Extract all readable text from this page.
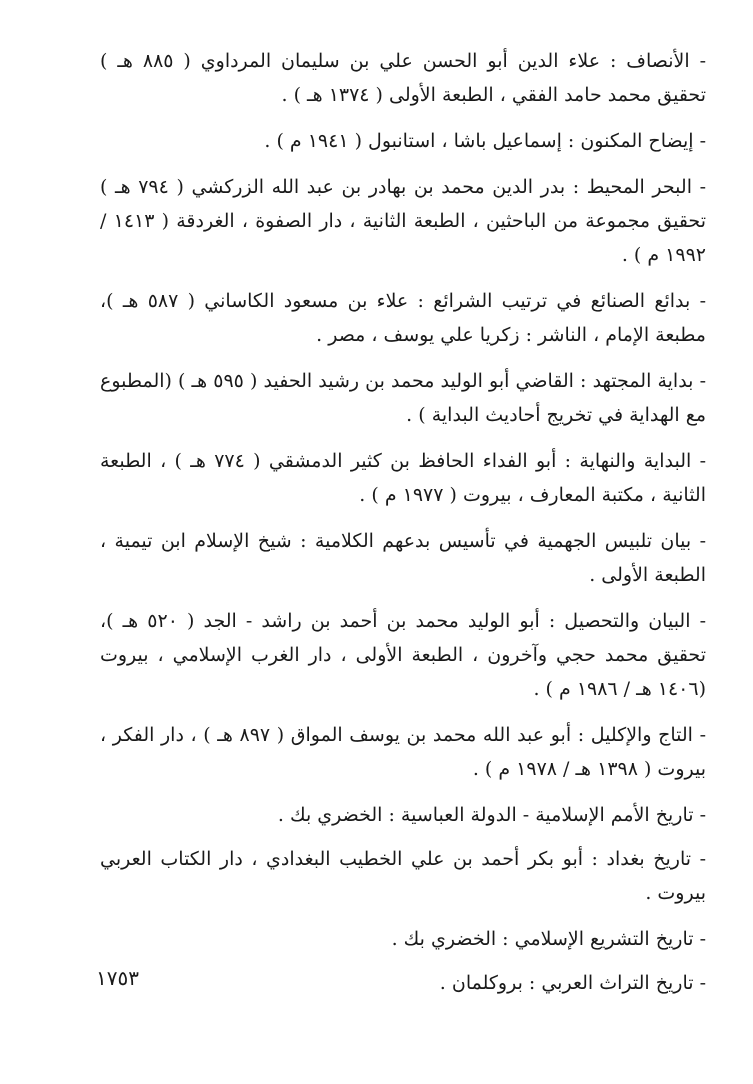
- الأنصاف : علاء الدين أبو الحسن علي بن سليمان المرداوي ( ٨٨٥ هـ ) تحقيق محمد حامد الفقي ، الطبعة الأولى ( ١٣٧٤ هـ ) .

- إيضاح المكنون : إسماعيل باشا ، استانبول ( ١٩٤١ م ) .

- البحر المحيط : بدر الدين محمد بن بهادر بن عبد الله الزركشي ( ٧٩٤ هـ ) تحقيق مجموعة من الباحثين ، الطبعة الثانية ، دار الصفوة ، الغردقة ( ١٤١٣ / ١٩٩٢ م ) .

- بدائع الصنائع في ترتيب الشرائع : علاء بن مسعود الكاساني ( ٥٨٧ هـ )، مطبعة الإمام ، الناشر : زكريا علي يوسف ، مصر .

- بداية المجتهد : القاضي أبو الوليد محمد بن رشيد الحفيد ( ٥٩٥ هـ ) (المطبوع مع الهداية في تخريج أحاديث البداية ) .

- البداية والنهاية : أبو الفداء الحافظ بن كثير الدمشقي ( ٧٧٤ هـ ) ، الطبعة الثانية ، مكتبة المعارف ، بيروت ( ١٩٧٧ م ) .

- بيان تلبيس الجهمية في تأسيس بدعهم الكلامية : شيخ الإسلام ابن تيمية ، الطبعة الأولى .

- البيان والتحصيل : أبو الوليد محمد بن أحمد بن راشد - الجد ( ٥٢٠ هـ )، تحقيق محمد حجي وآخرون ، الطبعة الأولى ، دار الغرب الإسلامي ، بيروت (١٤٠٦ هـ / ١٩٨٦ م ) .

- التاج والإكليل : أبو عبد الله محمد بن يوسف المواق ( ٨٩٧ هـ ) ، دار الفكر ، بيروت ( ١٣٩٨ هـ / ١٩٧٨ م ) .

- تاريخ الأمم الإسلامية - الدولة العباسية : الخضري بك .

- تاريخ بغداد : أبو بكر أحمد بن علي الخطيب البغدادي ، دار الكتاب العربي بيروت .

- تاريخ التشريع الإسلامي : الخضري بك .

- تاريخ التراث العربي : بروكلمان .

١٧٥٣
